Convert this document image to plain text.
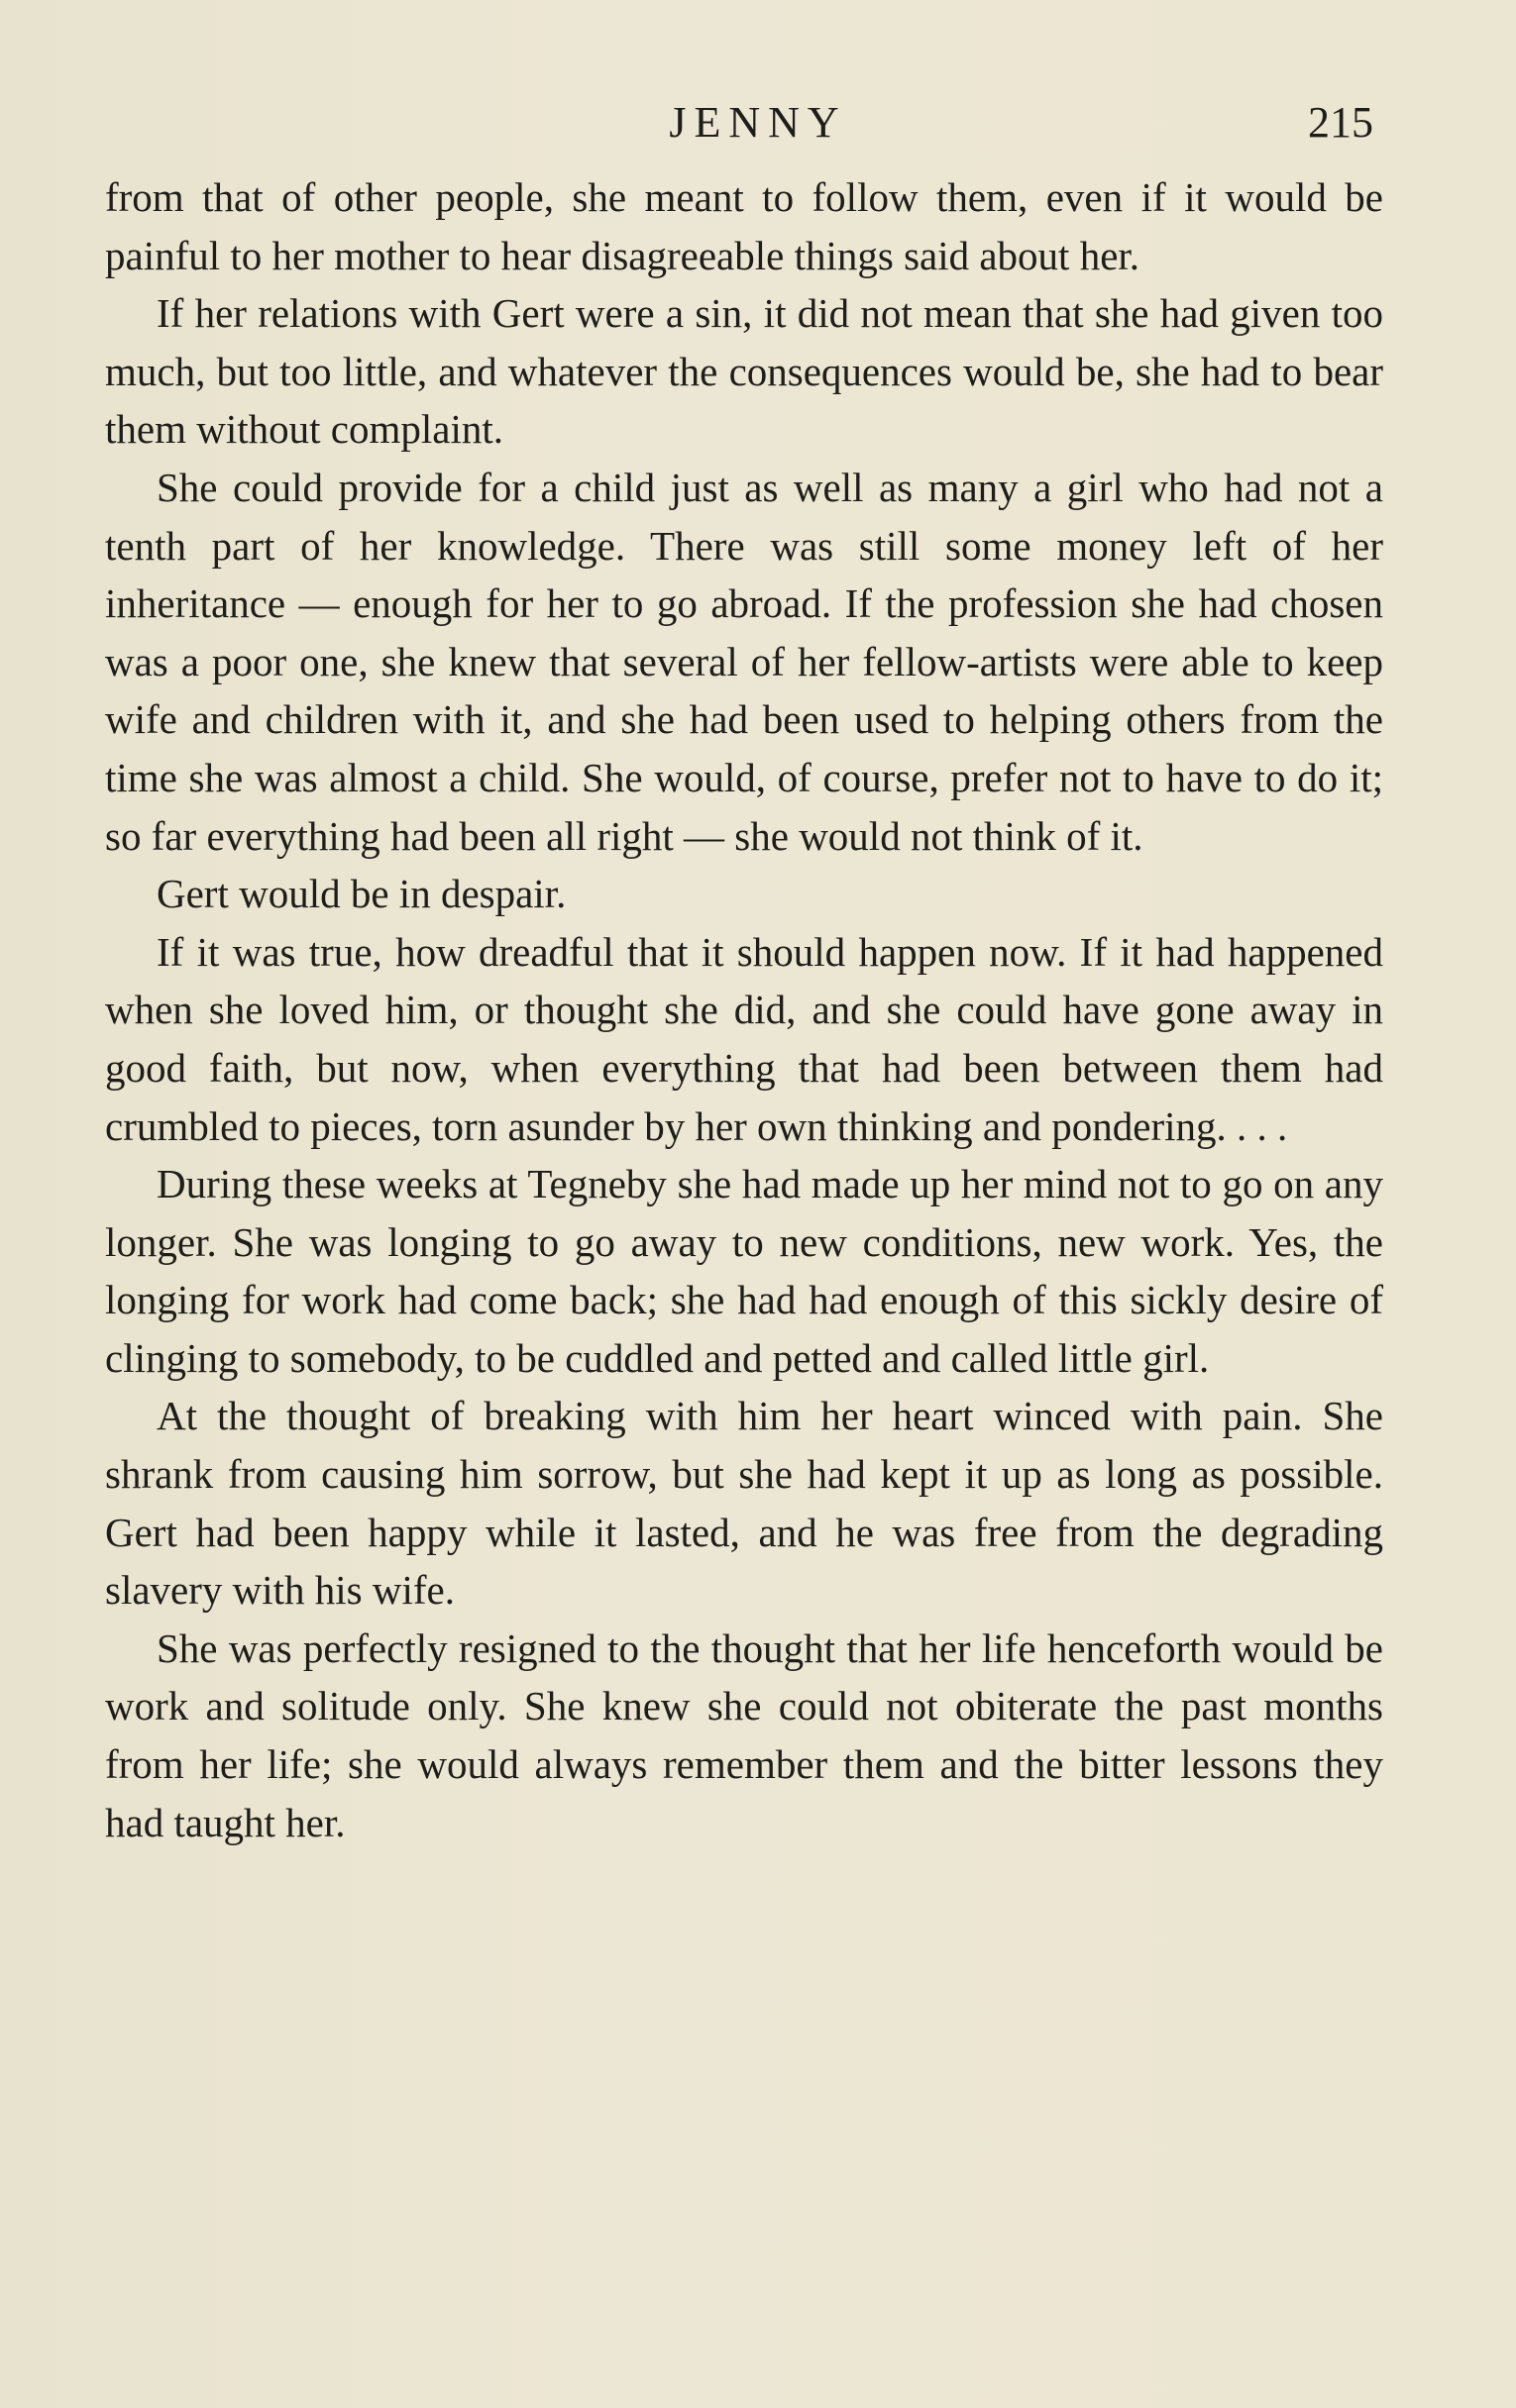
JENNY	215

from that of other people, she meant to follow them, even if it would be painful to her mother to hear disagreeable things said about her.

If her relations with Gert were a sin, it did not mean that she had given too much, but too little, and whatever the consequences would be, she had to bear them without complaint.

She could provide for a child just as well as many a girl who had not a tenth part of her knowledge. There was still some money left of her inheritance — enough for her to go abroad. If the profession she had chosen was a poor one, she knew that several of her fellow-artists were able to keep wife and children with it, and she had been used to helping others from the time she was almost a child. She would, of course, prefer not to have to do it; so far everything had been all right — she would not think of it.

Gert would be in despair.

If it was true, how dreadful that it should happen now. If it had happened when she loved him, or thought she did, and she could have gone away in good faith, but now, when everything that had been between them had crumbled to pieces, torn asunder by her own thinking and pondering. . . .

During these weeks at Tegneby she had made up her mind not to go on any longer. She was longing to go away to new conditions, new work. Yes, the longing for work had come back; she had had enough of this sickly desire of clinging to somebody, to be cuddled and petted and called little girl.

At the thought of breaking with him her heart winced with pain. She shrank from causing him sorrow, but she had kept it up as long as possible. Gert had been happy while it lasted, and he was free from the degrading slavery with his wife.

She was perfectly resigned to the thought that her life henceforth would be work and solitude only. She knew she could not obiterate the past months from her life; she would always remember them and the bitter lessons they had taught her.
